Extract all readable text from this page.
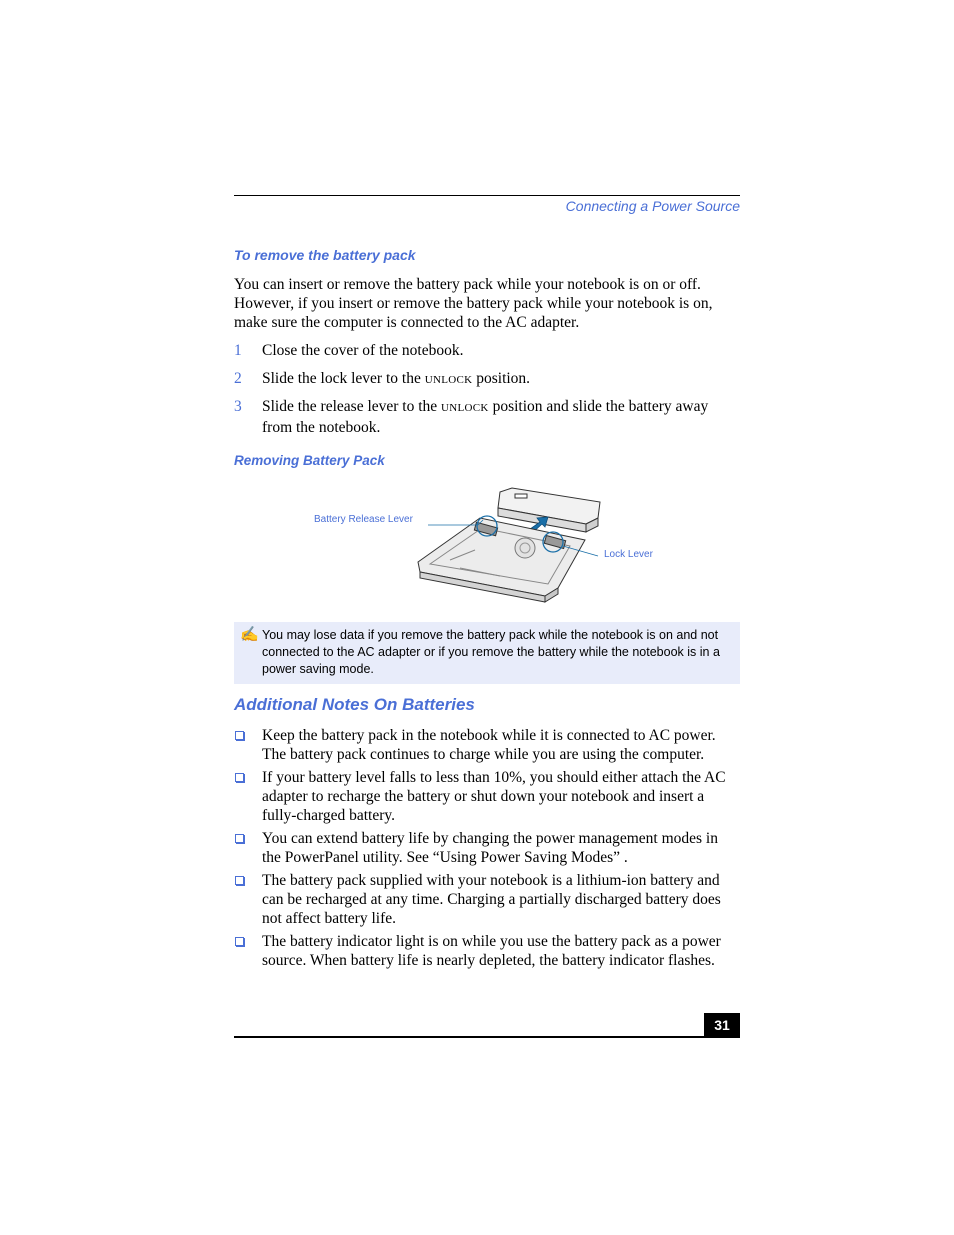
Connecting a Power Source
To remove the battery pack
You can insert or remove the battery pack while your notebook is on or off. However, if you insert or remove the battery pack while your notebook is on, make sure the computer is connected to the AC adapter.
1 Close the cover of the notebook.
2 Slide the lock lever to the UNLOCK position.
3 Slide the release lever to the UNLOCK position and slide the battery away from the notebook.
Removing Battery Pack
Battery Release Lever
Lock Lever
✍ You may lose data if you remove the battery pack while the notebook is on and not connected to the AC adapter or if you remove the battery while the notebook is in a power saving mode.
Additional Notes On Batteries
Keep the battery pack in the notebook while it is connected to AC power. The battery pack continues to charge while you are using the computer.
If your battery level falls to less than 10%, you should either attach the AC adapter to recharge the battery or shut down your notebook and insert a fully-charged battery.
You can extend battery life by changing the power management modes in the PowerPanel utility. See “Using Power Saving Modes” .
The battery pack supplied with your notebook is a lithium-ion battery and can be recharged at any time. Charging a partially discharged battery does not affect battery life.
The battery indicator light is on while you use the battery pack as a power source. When battery life is nearly depleted, the battery indicator flashes.
31
